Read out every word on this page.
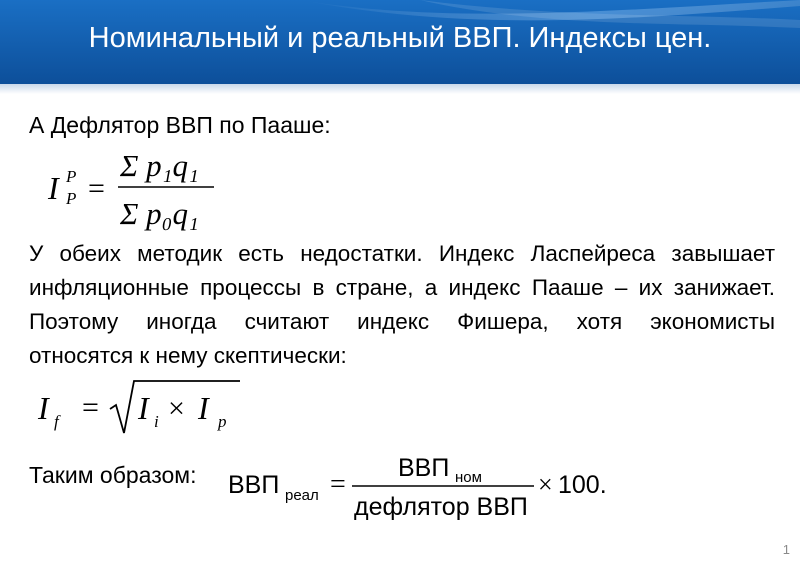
Номинальный и реальный ВВП. Индексы цен.
А Дефлятор ВВП по Пааше:
I P
P =
Σ p₁q₁
Σ p₀q₁
У обеих методик есть недостатки. Индекс Ласпейреса завышает
инфляционные процессы в стране, а индекс Пааше – их занижает.
Поэтому иногда считают индекс Фишера, хотя экономисты
относятся к нему скептически:
I f = I i × I p
Таким образом: ВВП реал =
ВВП ном
дефлятор ВВП
× 100.
1
